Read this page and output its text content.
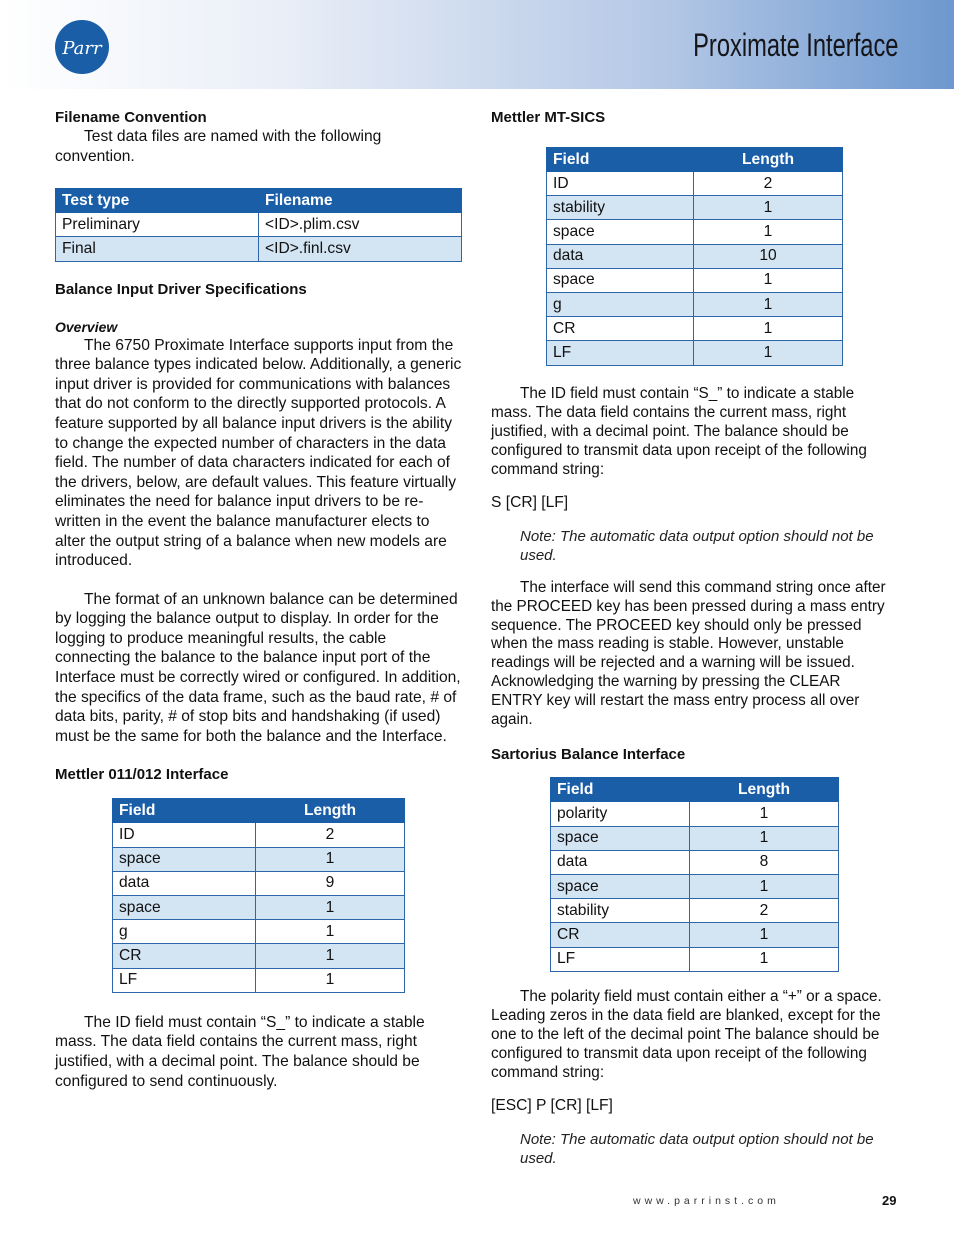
Parr	Proximate Interface
Filename Convention

Test data files are named with the following convention.

Test type	Filename
Preliminary	<ID>.plim.csv
Final	<ID>.finl.csv
Balance Input Driver Specifications
Overview

The 6750 Proximate Interface supports input from the three balance types indicated below. Additionally, a generic input driver is provided for communications with balances that do not conform to the directly supported protocols. A feature supported by all balance input drivers is the ability to change the expected number of characters in the data field. The number of data characters indicated for each of the drivers, below, are default values. This feature virtually eliminates the need for balance input drivers to be re-written in the event the balance manufacturer elects to alter the output string of a balance when new models are introduced.

The format of an unknown balance can be determined by logging the balance output to display. In order for the logging to produce meaningful results, the cable connecting the balance to the balance input port of the Interface must be correctly wired or configured. In addition, the specifics of the data frame, such as the baud rate, # of data bits, parity, # of stop bits and handshaking (if used) must be the same for both the balance and the Interface.

Mettler 011/012 Interface
Field	Length
ID	2
space	1
data	9
space	1
g	1
CR	1
LF	1

The ID field must contain “S_” to indicate a stable mass. The data field contains the current mass, right justified, with a decimal point. The balance should be configured to send continuously.

Mettler MT-SICS
Field	Length
ID	2
stability	1
space	1
data	10
space	1
g	1
CR	1
LF	1

The ID field must contain “S_” to indicate a stable mass. The data field contains the current mass, right justified, with a decimal point. The balance should be configured to transmit data upon receipt of the following command string:

S [CR] [LF]

Note: The automatic data output option should not be used.

The interface will send this command string once after the PROCEED key has been pressed during a mass entry sequence. The PROCEED key should only be pressed when the mass reading is stable. However, unstable readings will be rejected and a warning will be issued. Acknowledging the warning by pressing the CLEAR ENTRY key will restart the mass entry process all over again.

Sartorius Balance Interface
Field	Length
polarity	1
space	1
data	8
space	1
stability	2
CR	1
LF	1

The polarity field must contain either a “+” or a space. Leading zeros in the data field are blanked, except for the one to the left of the decimal point The balance should be configured to transmit data upon receipt of the following command string:

[ESC] P [CR] [LF]

Note: The automatic data output option should not be used.

www.parrinst.com	29
